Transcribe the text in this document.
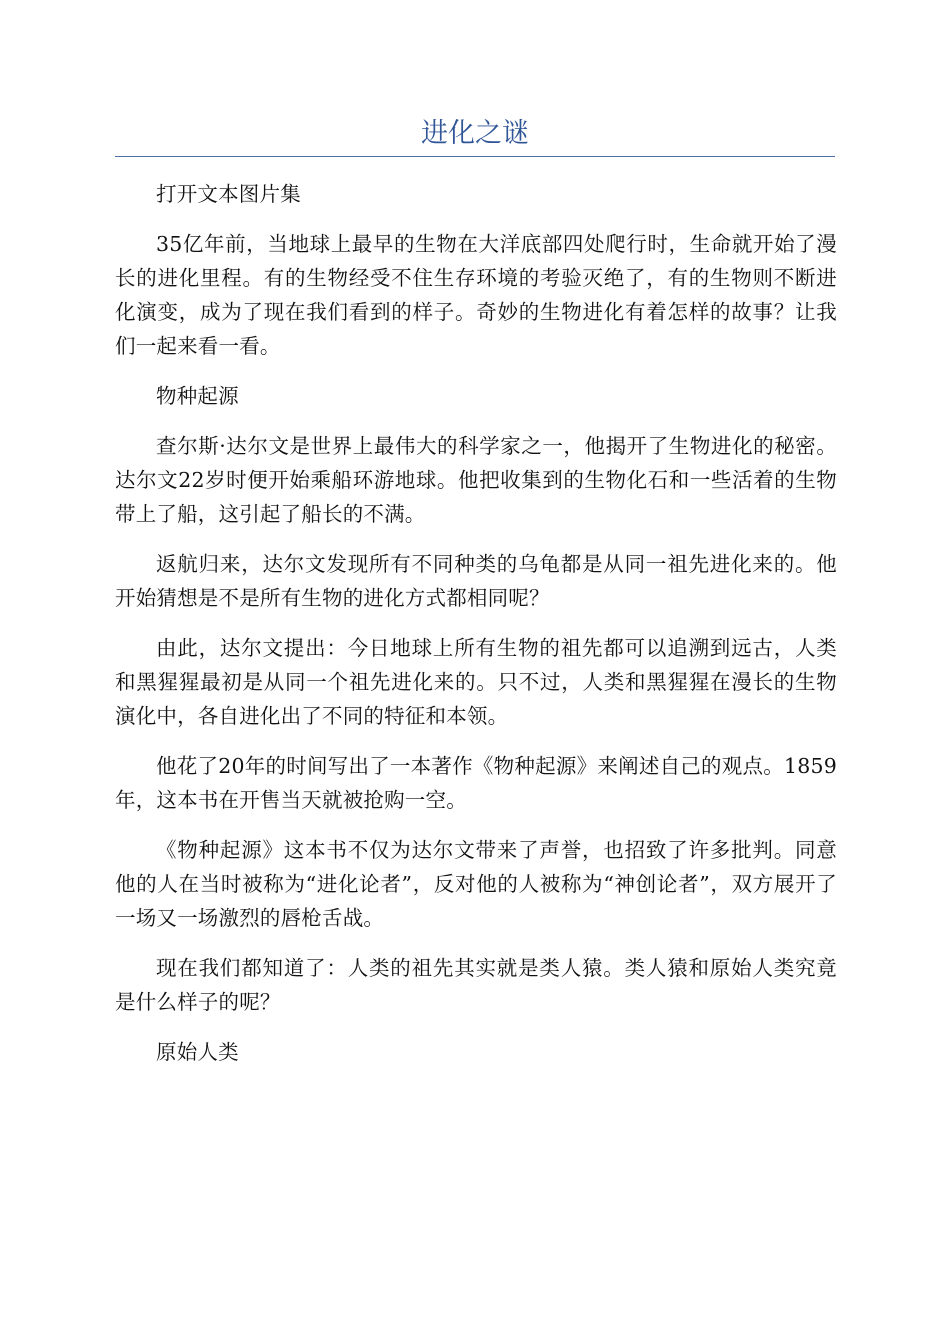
进化之谜

打开文本图片集

35亿年前，当地球上最早的生物在大洋底部四处爬行时，生命就开始了漫长的进化里程。有的生物经受不住生存环境的考验灭绝了，有的生物则不断进化演变，成为了现在我们看到的样子。奇妙的生物进化有着怎样的故事？让我们一起来看一看。

物种起源

查尔斯·达尔文是世界上最伟大的科学家之一，他揭开了生物进化的秘密。达尔文22岁时便开始乘船环游地球。他把收集到的生物化石和一些活着的生物带上了船，这引起了船长的不满。

返航归来，达尔文发现所有不同种类的乌龟都是从同一祖先进化来的。他开始猜想是不是所有生物的进化方式都相同呢？

由此，达尔文提出：今日地球上所有生物的祖先都可以追溯到远古，人类和黑猩猩最初是从同一个祖先进化来的。只不过，人类和黑猩猩在漫长的生物演化中，各自进化出了不同的特征和本领。

他花了20年的时间写出了一本著作《物种起源》来阐述自己的观点。1859年，这本书在开售当天就被抢购一空。

《物种起源》这本书不仅为达尔文带来了声誉，也招致了许多批判。同意他的人在当时被称为“进化论者”，反对他的人被称为“神创论者”，双方展开了一场又一场激烈的唇枪舌战。

现在我们都知道了：人类的祖先其实就是类人猿。类人猿和原始人类究竟是什么样子的呢？

原始人类
